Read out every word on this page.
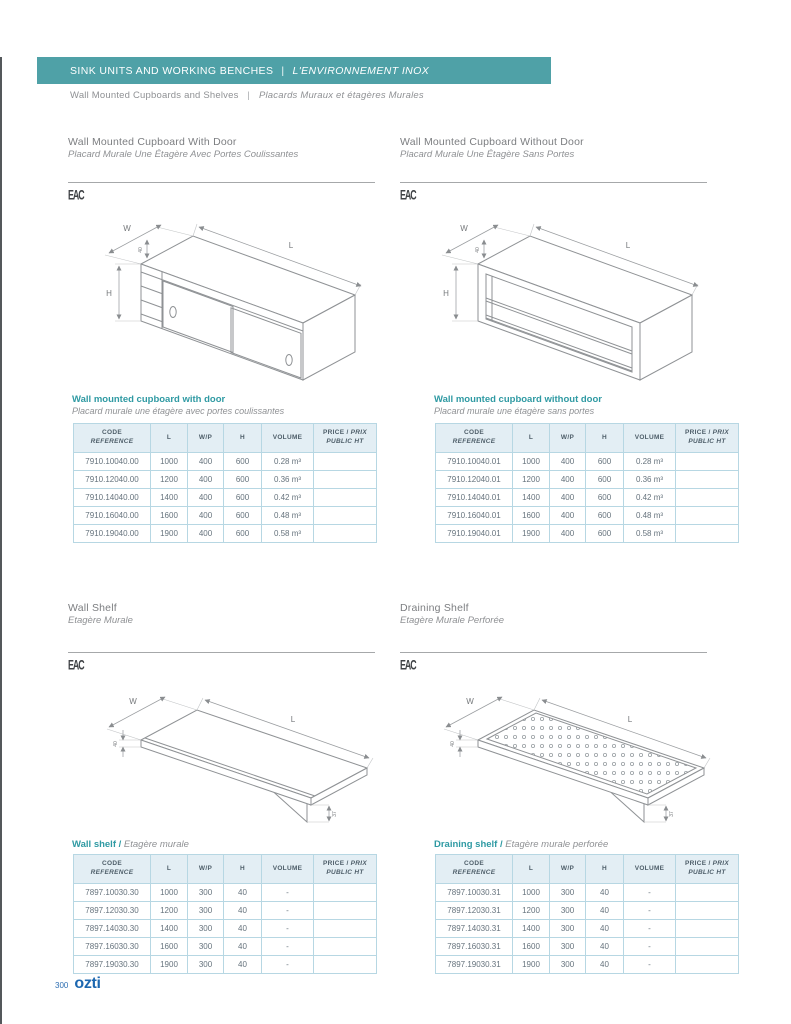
SINK UNITS AND WORKING BENCHES | L'ENVIRONNEMENT INOX
Wall Mounted Cupboards and Shelves | Placards Muraux et étagères Murales
Wall Mounted Cupboard With Door
Placard Murale Une Étagère Avec Portes Coulissantes
EAC
W
L
H
40
Wall mounted cupboard with door
Placard murale une étagère avec portes coulissantes
CODE
REFERENCE	L	W/P	H	VOLUME	PRICE / PRIX
PUBLIC HT
7910.10040.00	1000	400	600	0.28 m³	
7910.12040.00	1200	400	600	0.36 m³	
7910.14040.00	1400	400	600	0.42 m³	
7910.16040.00	1600	400	600	0.48 m³	
7910.19040.00	1900	400	600	0.58 m³	
Wall Mounted Cupboard Without Door
Placard Murale Une Étagère Sans Portes
EAC
W
L
H
40
Wall mounted cupboard without door
Placard murale une étagère sans portes
CODE
REFERENCE	L	W/P	H	VOLUME	PRICE / PRIX
PUBLIC HT
7910.10040.01	1000	400	600	0.28 m³	
7910.12040.01	1200	400	600	0.36 m³	
7910.14040.01	1400	400	600	0.42 m³	
7910.16040.01	1600	400	600	0.48 m³	
7910.19040.01	1900	400	600	0.58 m³	
Wall Shelf
Etagère Murale
EAC
W
L
40
37
Wall shelf / Etagère murale
CODE
REFERENCE	L	W/P	H	VOLUME	PRICE / PRIX
PUBLIC HT
7897.10030.30	1000	300	40	-	
7897.12030.30	1200	300	40	-	
7897.14030.30	1400	300	40	-	
7897.16030.30	1600	300	40	-	
7897.19030.30	1900	300	40	-	
Draining Shelf
Etagère Murale Perforée
EAC
W
L
40
37
Draining shelf / Etagère murale perforée
CODE
REFERENCE	L	W/P	H	VOLUME	PRICE / PRIX
PUBLIC HT
7897.10030.31	1000	300	40	-	
7897.12030.31	1200	300	40	-	
7897.14030.31	1400	300	40	-	
7897.16030.31	1600	300	40	-	
7897.19030.31	1900	300	40	-	
300 ozti
